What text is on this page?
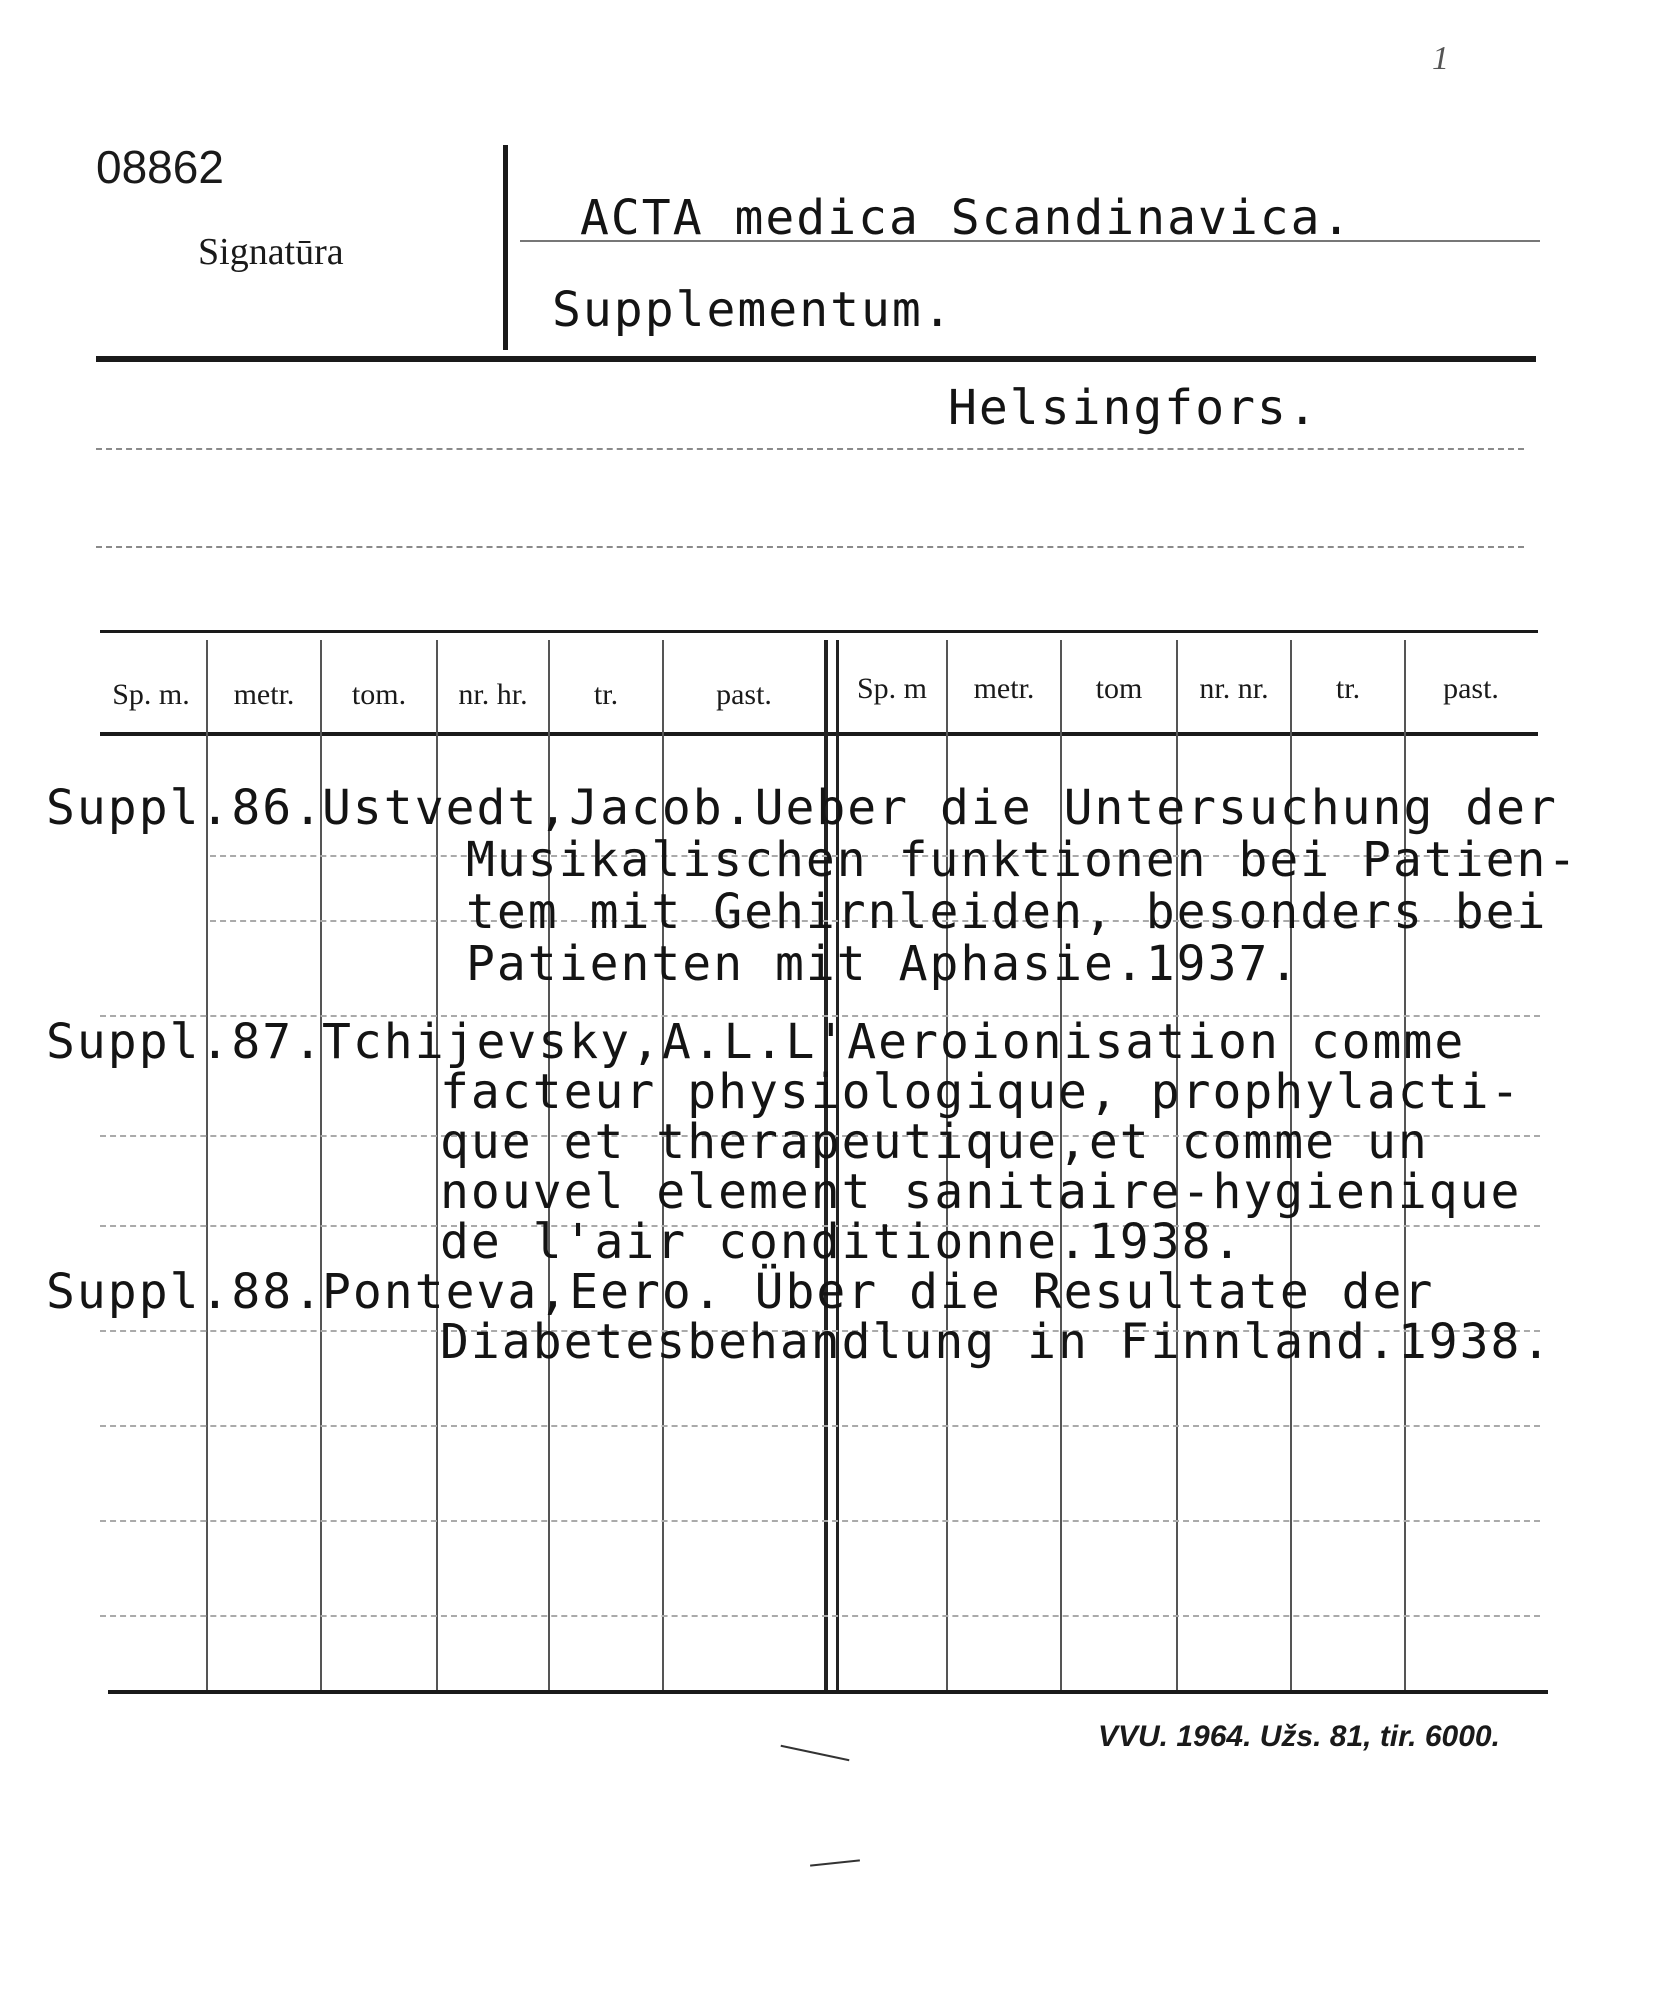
1
08862
Signatūra
ACTA medica Scandinavica.
Supplementum.
Helsingfors.
Sp. m.	metr.	tom.	nr. hr.	tr.	past.	Sp. m	metr.	tom	nr. nr.	tr.	past.
Suppl.86.
Ustvedt,Jacob.Ueber die Untersuchung der
Musikalischen funktionen bei Patien-
tem mit Gehirnleiden, besonders bei
Patienten mit Aphasie.1937.
Suppl.87.
Tchijevsky,A.L.L'Aeroionisation comme
facteur physiologique, prophylacti-
que et therapeutique,et comme un
nouvel element sanitaire-hygienique
de l'air conditionne.1938.
Suppl.88.
Ponteva,Eero. Über die Resultate der
Diabetesbehandlung in Finnland.1938.
VVU. 1964. Užs. 81, tir. 6000.
